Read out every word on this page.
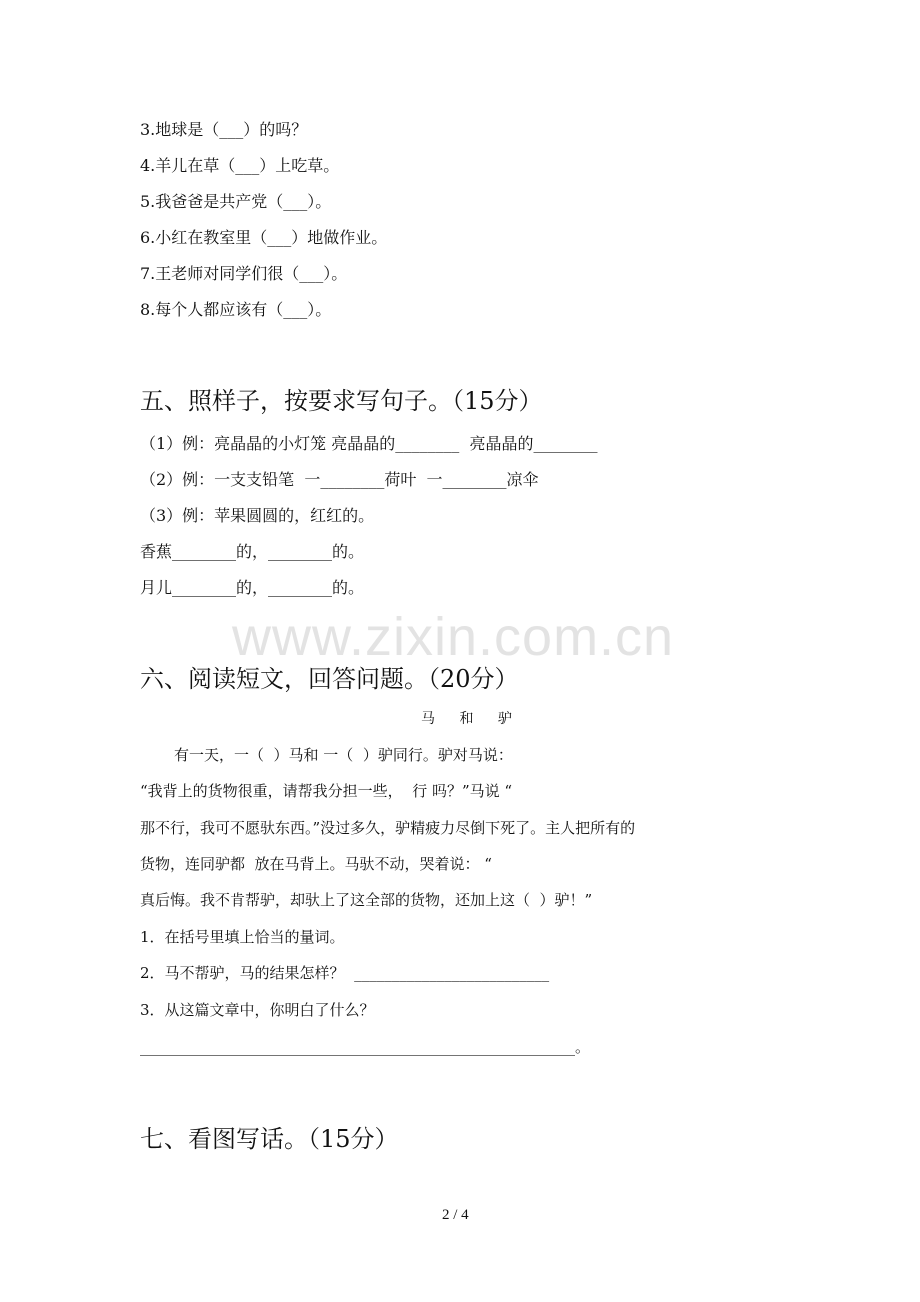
3.地球是（___）的吗？
4.羊儿在草（___）上吃草。
5.我爸爸是共产党（___）。
6.小红在教室里（___）地做作业。
7.王老师对同学们很（___）。
8.每个人都应该有（___）。
五、照样子，按要求写句子。（15分）
（1）例：亮晶晶的小灯笼 亮晶晶的________  亮晶晶的________
（2）例：一支支铅笔  一________荷叶  一________凉伞
（3）例：苹果圆圆的，红红的。
香蕉________的，________的。
月儿________的，________的。
www.zixin.com.cn
六、阅读短文，回答问题。（20分）
马 和 驴
有一天，一（  ）马和 一（  ）驴同行。驴对马说：
“我背上的货物很重，请帮我分担一些，  行 吗？”马说 “
那不行，我可不愿驮东西。”没过多久，驴精疲力尽倒下死了。主人把所有的
货物，连同驴都  放在马背上。马驮不动，哭着说： “
真后悔。我不肯帮驴，却驮上了这全部的货物，还加上这（  ）驴！”
1．在括号里填上恰当的量词。
2．马不帮驴，马的结果怎样？  __________________________
3．从这篇文章中，你明白了什么？
__________________________________________________________。
七、看图写话。（15分）
2 / 4
